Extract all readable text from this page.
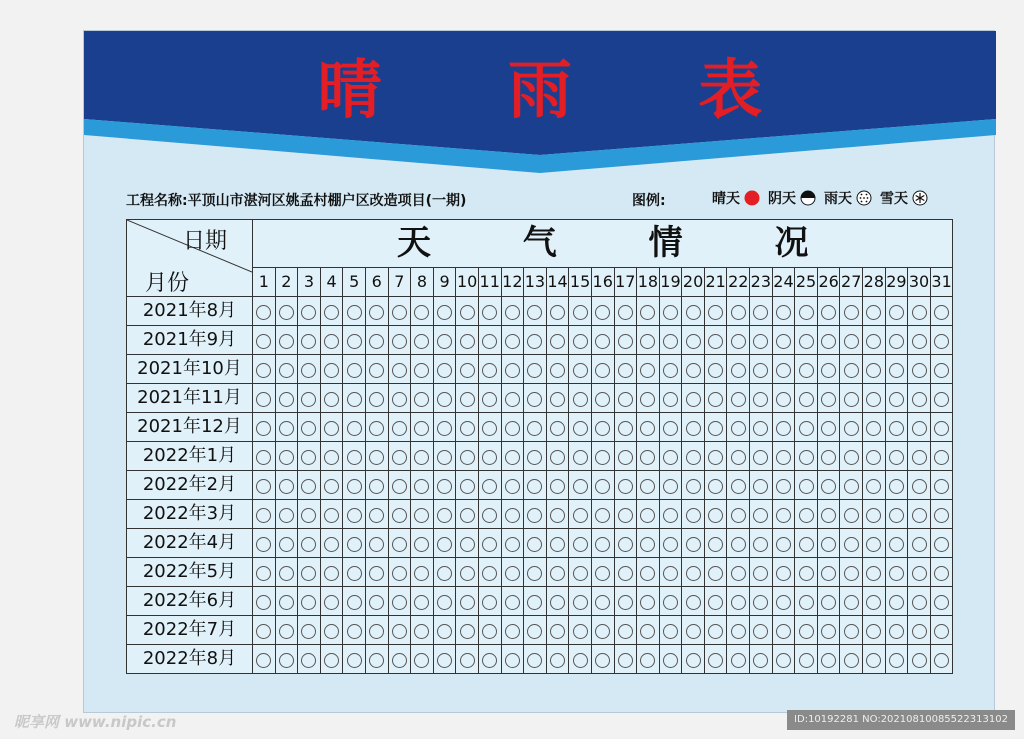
晴 雨 表
工程名称:平顶山市湛河区姚孟村棚户区改造项目(一期)	图例:	晴天 阴天 雨天 雪天
日期
月份	天 气 情 况																														
	1	2	3	4	5	6	7	8	9	10	11	12	13	14	15	16	17	18	19	20	21	22	23	24	25	26	27	28	29	30	31
2021年8月																															
2021年9月																															
2021年10月																															
2021年11月																															
2021年12月																															
2022年1月																															
2022年2月																															
2022年3月																															
2022年4月																															
2022年5月																															
2022年6月																															
2022年7月																															
2022年8月																															
昵享网 www.nipic.cn	ID:10192281 NO:20210810085522313102
